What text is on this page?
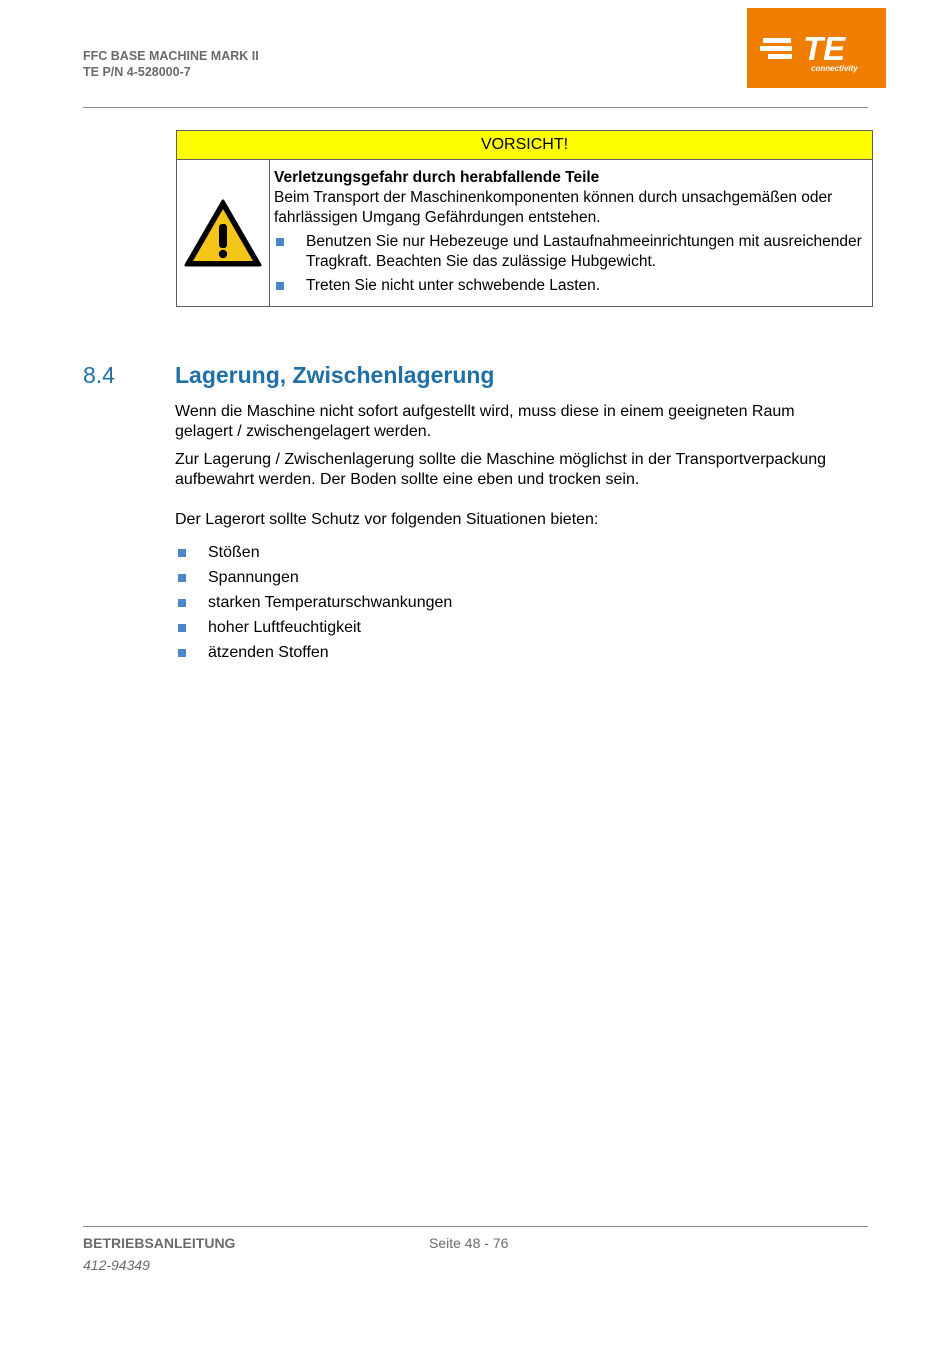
FFC BASE MACHINE MARK II
TE P/N 4-528000-7
TE
connectivity
VORSICHT!
Verletzungsgefahr durch herabfallende Teile
Beim Transport der Maschinenkomponenten können durch unsachgemäßen oder fahrlässigen Umgang Gefährdungen entstehen.
Benutzen Sie nur Hebezeuge und Lastaufnahmeeinrichtungen mit ausreichender Tragkraft. Beachten Sie das zulässige Hubgewicht.
Treten Sie nicht unter schwebende Lasten.
8.4	Lagerung, Zwischenlagerung

Wenn die Maschine nicht sofort aufgestellt wird, muss diese in einem geeigneten Raum gelagert / zwischengelagert werden.

Zur Lagerung / Zwischenlagerung sollte die Maschine möglichst in der Transportverpackung aufbewahrt werden. Der Boden sollte eine eben und trocken sein.

Der Lagerort sollte Schutz vor folgenden Situationen bieten:

Stößen
Spannungen
starken Temperaturschwankungen
hoher Luftfeuchtigkeit
ätzenden Stoffen
BETRIEBSANLEITUNG
412-94349
Seite 48 - 76
